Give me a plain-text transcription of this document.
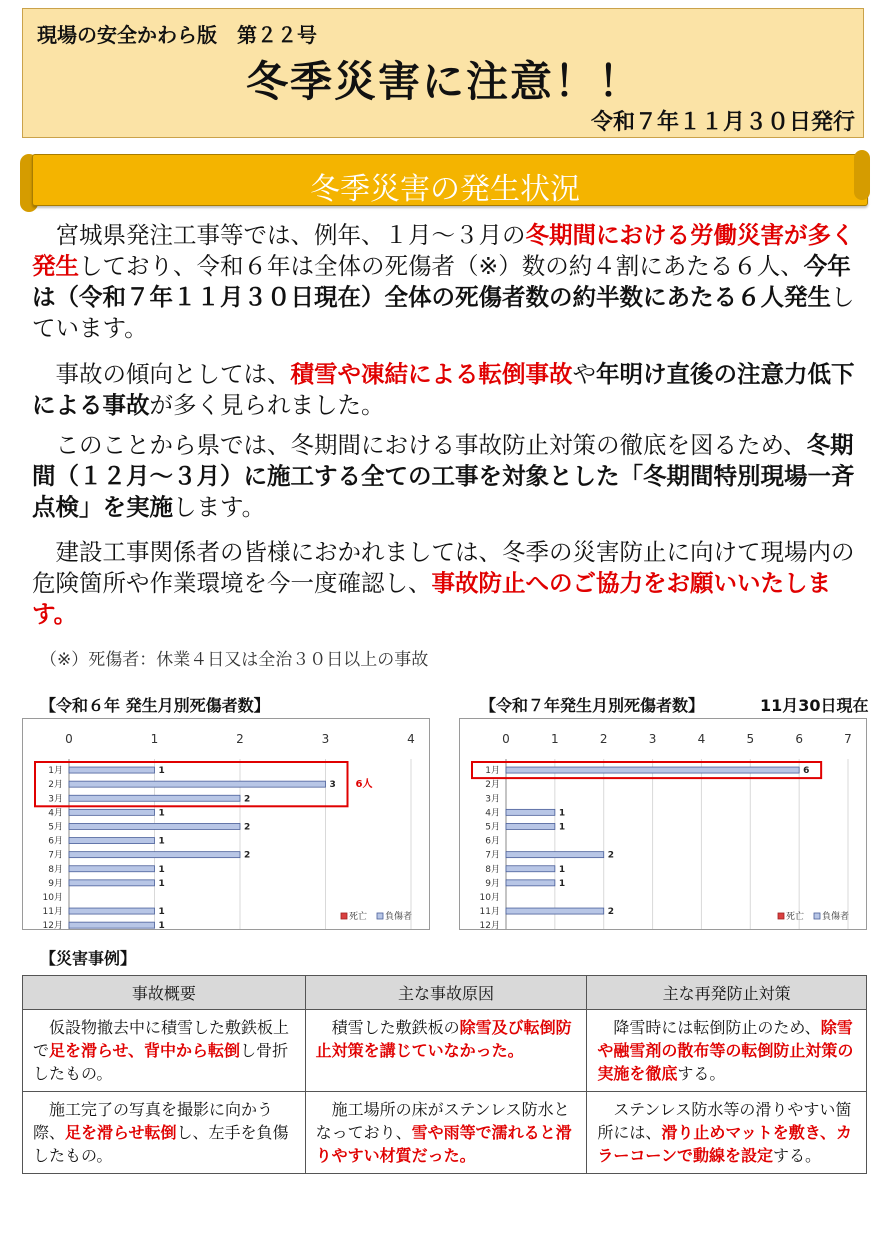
現場の安全かわら版　第２２号
冬季災害に注意！！
令和７年１１月３０日発行
冬季災害の発生状況
　宮城県発注工事等では、例年、１月～３月の冬期間における労働災害が多く発生しており、令和６年は全体の死傷者（※）数の約４割にあたる６人、今年は（令和７年１１月３０日現在）全体の死傷者数の約半数にあたる６人発生しています。
　事故の傾向としては、積雪や凍結による転倒事故や年明け直後の注意力低下による事故が多く見られました。
　このことから県では、冬期間における事故防止対策の徹底を図るため、冬期間（１２月～３月）に施工する全ての工事を対象とした「冬期間特別現場一斉点検」を実施します。
　建設工事関係者の皆様におかれましては、冬季の災害防止に向けて現場内の危険箇所や作業環境を今一度確認し、事故防止へのご協力をお願いいたします。
（※）死傷者：休業４日又は全治３０日以上の事故
【令和６年 発生月別死傷者数】
0	1	2	3	4
1月	1
2月	3
3月	2
4月	1
5月	2
6月	1
7月	2
8月	1
9月	1
10月
11月	1
12月	1
6人
死亡 負傷者
【令和７年発生月別死傷者数】	11月30日現在
0	1	2	3	4	5	6	7
1月	6
2月
3月
4月	1
5月	1
6月
7月	2
8月	1
9月	1
10月
11月	2
12月
死亡 負傷者
【災害事例】
事故概要	主な事故原因	主な再発防止対策
仮設物撤去中に積雪した敷鉄板上で足を滑らせ、背中から転倒し骨折したもの。	積雪した敷鉄板の除雪及び転倒防止対策を講じていなかった。	降雪時には転倒防止のため、除雪や融雪剤の散布等の転倒防止対策の実施を徹底する。
施工完了の写真を撮影に向かう際、足を滑らせ転倒し、左手を負傷したもの。	施工場所の床がステンレス防水となっており、雪や雨等で濡れると滑りやすい材質だった。	ステンレス防水等の滑りやすい箇所には、滑り止めマットを敷き、カラーコーンで動線を設定する。
